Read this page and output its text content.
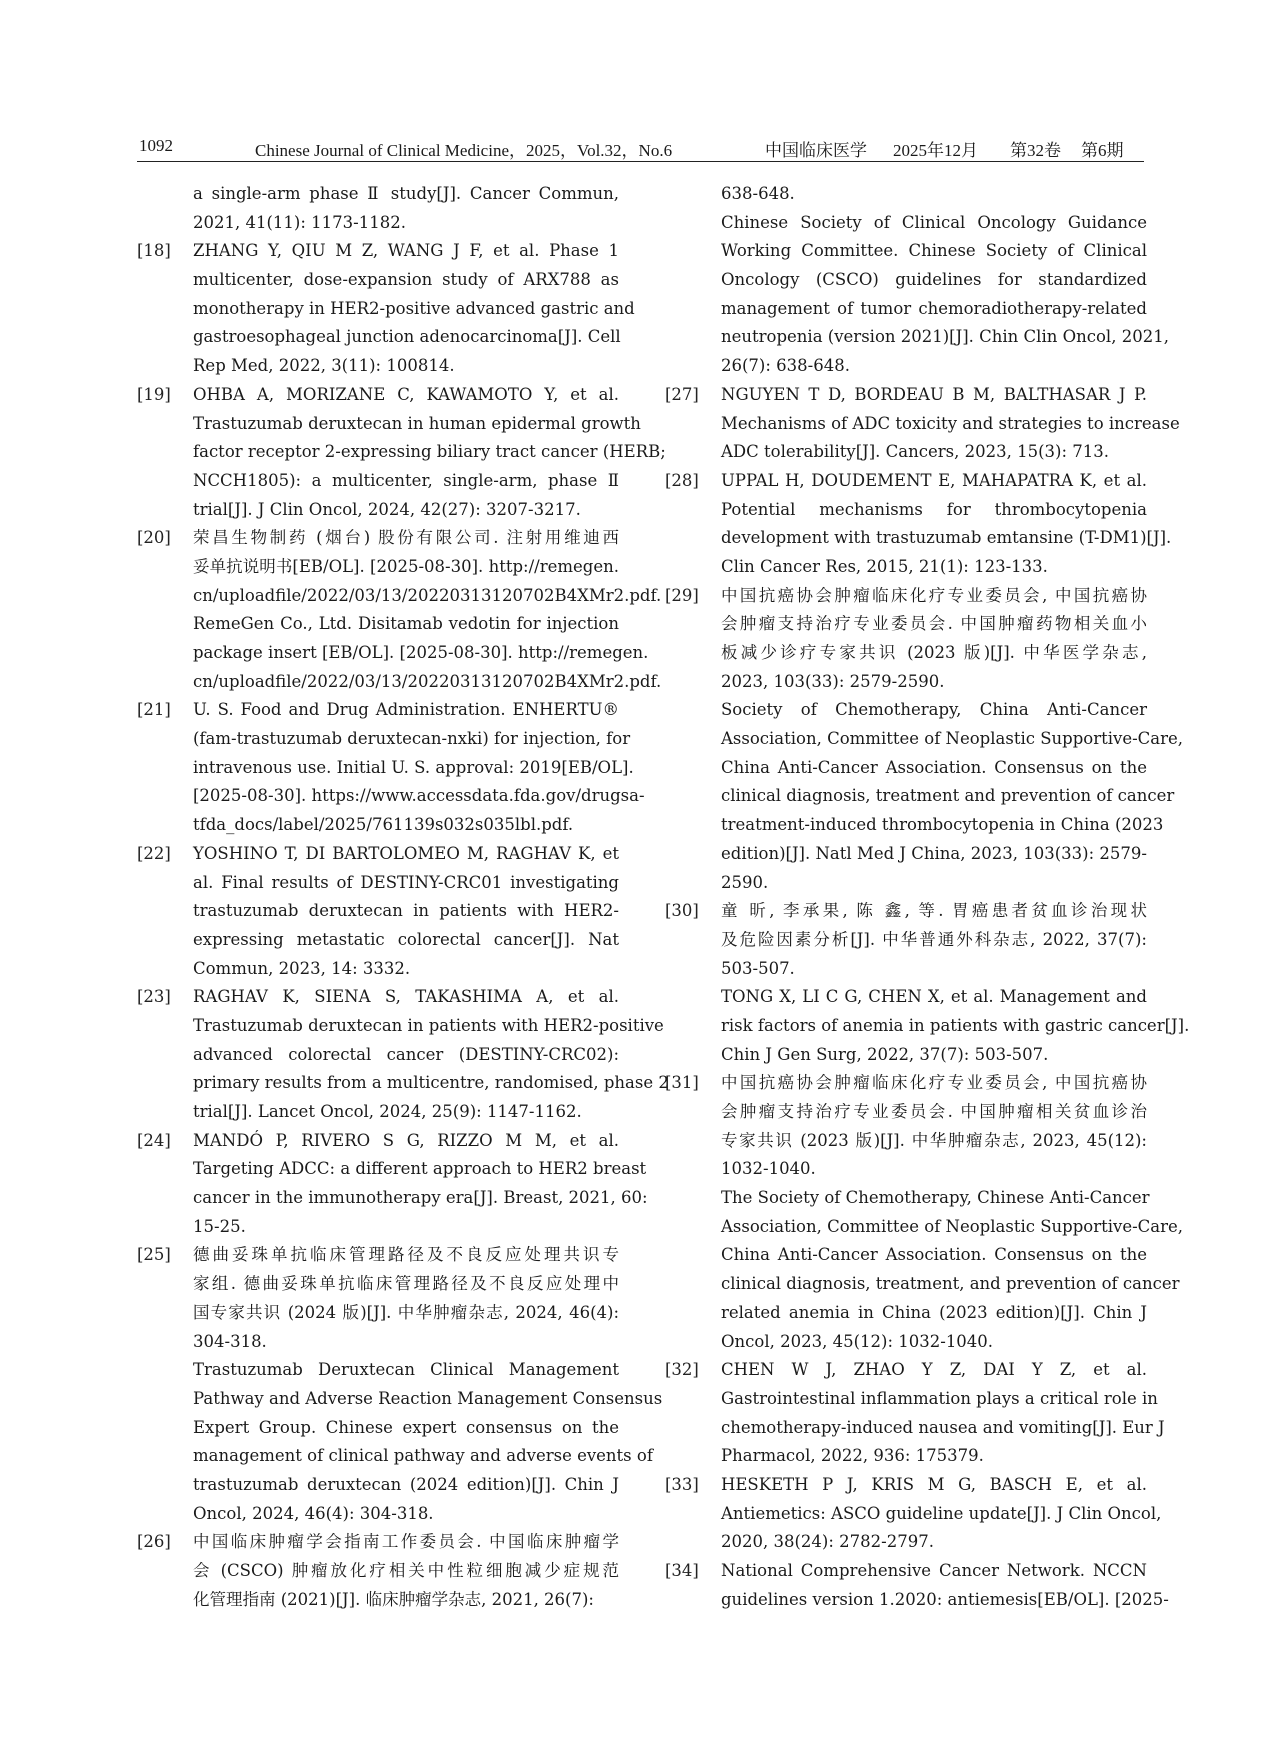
1092	Chinese Journal of Clinical Medicine，2025，Vol.32，No.6	中国临床医学 2025年12月 第32卷 第6期
a single-arm phase Ⅱ study[J]. Cancer Commun,
2021, 41(11): 1173-1182.
[18]	ZHANG Y, QIU M Z, WANG J F, et al. Phase 1
multicenter, dose-expansion study of ARX788 as
monotherapy in HER2-positive advanced gastric and
gastroesophageal junction adenocarcinoma[J]. Cell
Rep Med, 2022, 3(11): 100814.
[19]	OHBA A, MORIZANE C, KAWAMOTO Y, et al.
Trastuzumab deruxtecan in human epidermal growth
factor receptor 2-expressing biliary tract cancer (HERB;
NCCH1805): a multicenter, single-arm, phase Ⅱ
trial[J]. J Clin Oncol, 2024, 42(27): 3207-3217.
[20]	荣昌生物制药 (烟台) 股份有限公司. 注射用维迪西
妥单抗说明书[EB/OL]. [2025-08-30]. http://remegen.
cn/uploadfile/2022/03/13/20220313120702B4XMr2.pdf.
RemeGen Co., Ltd. Disitamab vedotin for injection
package insert [EB/OL]. [2025-08-30]. http://remegen.
cn/uploadfile/2022/03/13/20220313120702B4XMr2.pdf.
[21]	U. S. Food and Drug Administration. ENHERTU®
(fam-trastuzumab deruxtecan-nxki) for injection, for
intravenous use. Initial U. S. approval: 2019[EB/OL].
[2025-08-30]. https://www.accessdata.fda.gov/drugsa-
tfda_docs/label/2025/761139s032s035lbl.pdf.
[22]	YOSHINO T, DI BARTOLOMEO M, RAGHAV K, et
al. Final results of DESTINY-CRC01 investigating
trastuzumab deruxtecan in patients with HER2-
expressing metastatic colorectal cancer[J]. Nat
Commun, 2023, 14: 3332.
[23]	RAGHAV K, SIENA S, TAKASHIMA A, et al.
Trastuzumab deruxtecan in patients with HER2-positive
advanced colorectal cancer (DESTINY-CRC02):
primary results from a multicentre, randomised, phase 2
trial[J]. Lancet Oncol, 2024, 25(9): 1147-1162.
[24]	MANDÓ P, RIVERO S G, RIZZO M M, et al.
Targeting ADCC: a different approach to HER2 breast
cancer in the immunotherapy era[J]. Breast, 2021, 60:
15-25.
[25]	德曲妥珠单抗临床管理路径及不良反应处理共识专
家组. 德曲妥珠单抗临床管理路径及不良反应处理中
国专家共识 (2024 版)[J]. 中华肿瘤杂志, 2024, 46(4):
304-318.
Trastuzumab Deruxtecan Clinical Management
Pathway and Adverse Reaction Management Consensus
Expert Group. Chinese expert consensus on the
management of clinical pathway and adverse events of
trastuzumab deruxtecan (2024 edition)[J]. Chin J
Oncol, 2024, 46(4): 304-318.
[26]	中国临床肿瘤学会指南工作委员会. 中国临床肿瘤学
会 (CSCO) 肿瘤放化疗相关中性粒细胞减少症规范
化管理指南 (2021)[J]. 临床肿瘤学杂志, 2021, 26(7):
638-648.
Chinese Society of Clinical Oncology Guidance
Working Committee. Chinese Society of Clinical
Oncology (CSCO) guidelines for standardized
management of tumor chemoradiotherapy-related
neutropenia (version 2021)[J]. Chin Clin Oncol, 2021,
26(7): 638-648.
[27]	NGUYEN T D, BORDEAU B M, BALTHASAR J P.
Mechanisms of ADC toxicity and strategies to increase
ADC tolerability[J]. Cancers, 2023, 15(3): 713.
[28]	UPPAL H, DOUDEMENT E, MAHAPATRA K, et al.
Potential mechanisms for thrombocytopenia
development with trastuzumab emtansine (T-DM1)[J].
Clin Cancer Res, 2015, 21(1): 123-133.
[29]	中国抗癌协会肿瘤临床化疗专业委员会, 中国抗癌协
会肿瘤支持治疗专业委员会. 中国肿瘤药物相关血小
板减少诊疗专家共识 (2023 版)[J]. 中华医学杂志,
2023, 103(33): 2579-2590.
Society of Chemotherapy, China Anti-Cancer
Association, Committee of Neoplastic Supportive-Care,
China Anti-Cancer Association. Consensus on the
clinical diagnosis, treatment and prevention of cancer
treatment-induced thrombocytopenia in China (2023
edition)[J]. Natl Med J China, 2023, 103(33): 2579-
2590.
[30]	童 昕, 李承果, 陈 鑫, 等. 胃癌患者贫血诊治现状
及危险因素分析[J]. 中华普通外科杂志, 2022, 37(7):
503-507.
TONG X, LI C G, CHEN X, et al. Management and
risk factors of anemia in patients with gastric cancer[J].
Chin J Gen Surg, 2022, 37(7): 503-507.
[31]	中国抗癌协会肿瘤临床化疗专业委员会, 中国抗癌协
会肿瘤支持治疗专业委员会. 中国肿瘤相关贫血诊治
专家共识 (2023 版)[J]. 中华肿瘤杂志, 2023, 45(12):
1032-1040.
The Society of Chemotherapy, Chinese Anti-Cancer
Association, Committee of Neoplastic Supportive-Care,
China Anti-Cancer Association. Consensus on the
clinical diagnosis, treatment, and prevention of cancer
related anemia in China (2023 edition)[J]. Chin J
Oncol, 2023, 45(12): 1032-1040.
[32]	CHEN W J, ZHAO Y Z, DAI Y Z, et al.
Gastrointestinal inflammation plays a critical role in
chemotherapy-induced nausea and vomiting[J]. Eur J
Pharmacol, 2022, 936: 175379.
[33]	HESKETH P J, KRIS M G, BASCH E, et al.
Antiemetics: ASCO guideline update[J]. J Clin Oncol,
2020, 38(24): 2782-2797.
[34]	National Comprehensive Cancer Network. NCCN
guidelines version 1.2020: antiemesis[EB/OL]. [2025-
